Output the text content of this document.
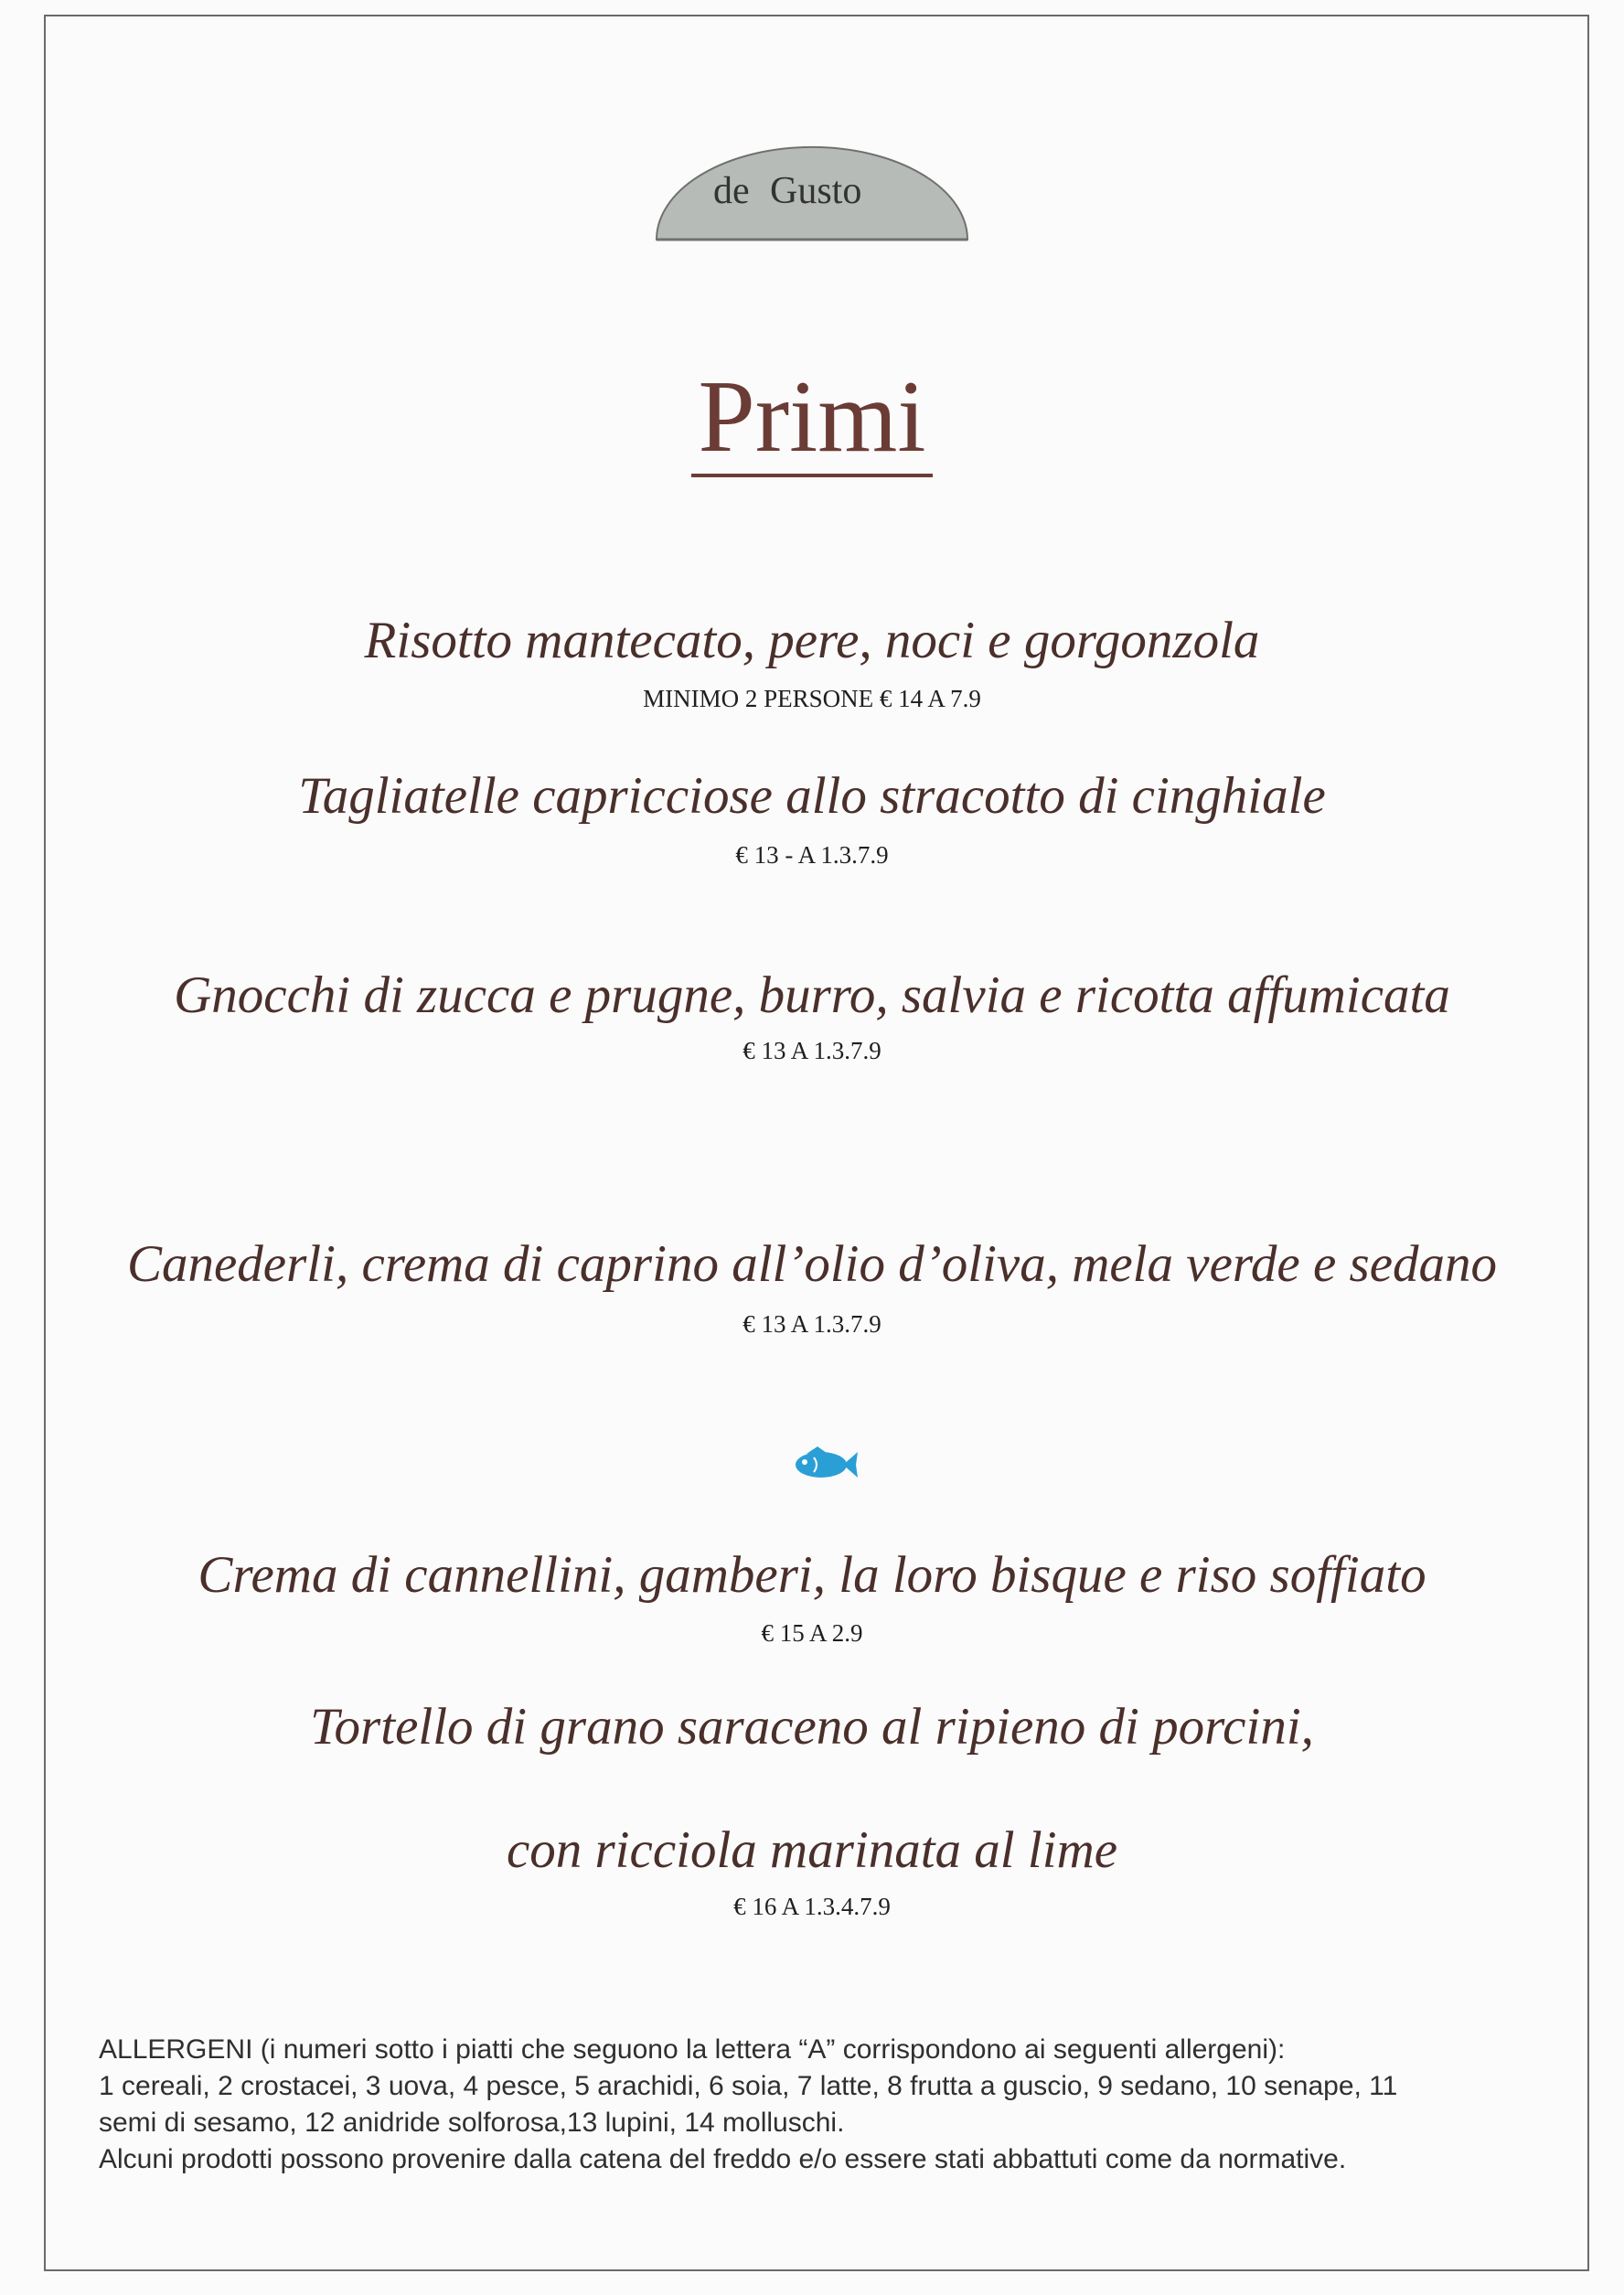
de Gusto
Primi
Risotto mantecato, pere, noci e gorgonzola
MINIMO 2 PERSONE € 14 A 7.9
Tagliatelle capricciose allo stracotto di cinghiale
€ 13 - A 1.3.7.9
Gnocchi di zucca e prugne, burro, salvia e ricotta affumicata
€ 13 A 1.3.7.9
Canederli, crema di caprino all’olio d’oliva, mela verde e sedano
€ 13 A 1.3.7.9
Crema di cannellini, gamberi, la loro bisque e riso soffiato
€ 15 A 2.9
Tortello di grano saraceno al ripieno di porcini,
con ricciola marinata al lime
€ 16 A 1.3.4.7.9
ALLERGENI (i numeri sotto i piatti che seguono la lettera “A” corrispondono ai seguenti allergeni):
1 cereali, 2 crostacei, 3 uova, 4 pesce, 5 arachidi, 6 soia, 7 latte, 8 frutta a guscio, 9 sedano, 10 senape, 11
semi di sesamo, 12 anidride solforosa,13 lupini, 14 molluschi.
Alcuni prodotti possono provenire dalla catena del freddo e/o essere stati abbattuti come da normative.
